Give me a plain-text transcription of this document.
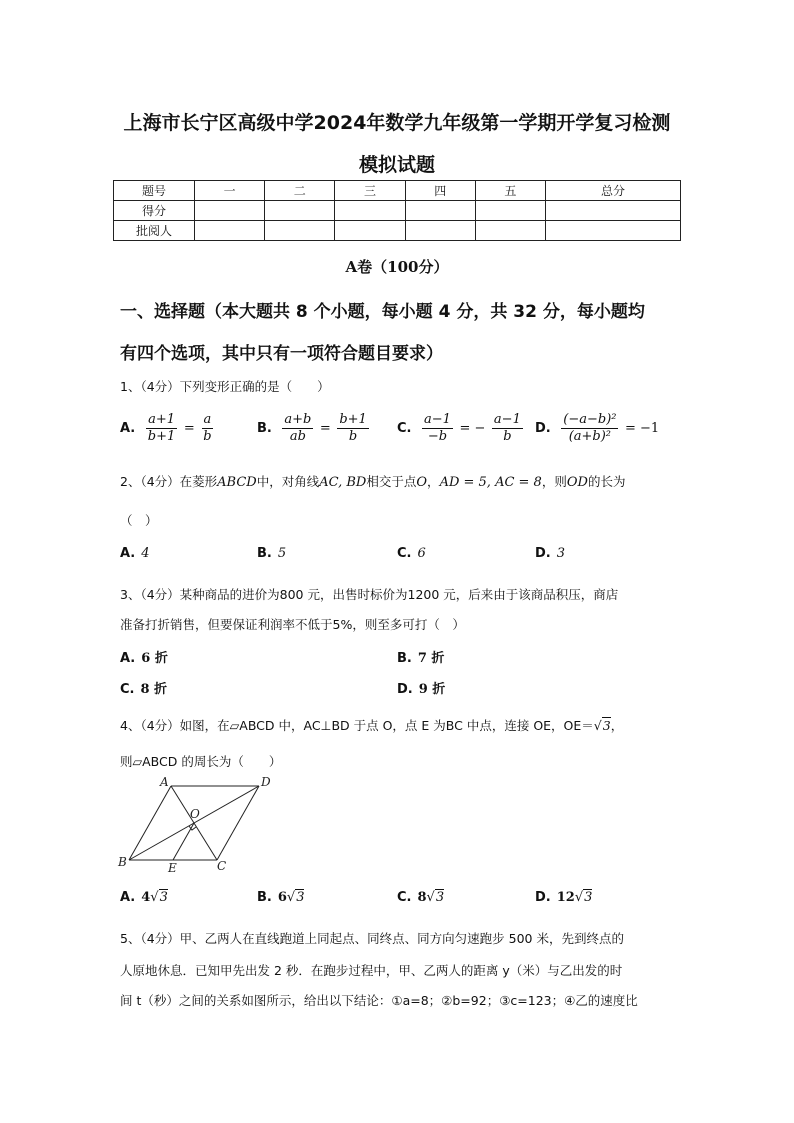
上海市长宁区高级中学2024年数学九年级第一学期开学复习检测
模拟试题
题号	一	二	三	四	五	总分
得分						
批阅人						
A卷（100分）
一、选择题（本大题共 8 个小题，每小题 4 分，共 32 分，每小题均
有四个选项，其中只有一项符合题目要求）
1、（4分）下列变形正确的是（　　）
A. $\frac{a+1}{b+1} = \frac{a}{b}$	B. $\frac{a+b}{ab} = \frac{b+1}{b} C$. $\frac{a-1}{-b}$ = − $\frac{a-1}{b} D$. $\frac{\text{(−a−b)²}}{\text{(a+b)²}} = -1$
2、（4分）在菱形ABCD中，对角线AC, BD相交于点O，AD = 5, AC = 8，则OD的长为
（　）
A. 4	B. 5	C. 6	D. 3
3、（4分）某种商品的进价为800 元，出售时标价为1200 元，后来由于该商品积压，商店
准备打折销售，但要保证利润率不低于5%，则至多可打（　）
A. 6 折	B. 7 折
C. 8 折	D. 9 折
4、（4分）如图，在▱ABCD 中，AC⊥BD 于点 O，点 E 为BC 中点，连接 OE，OE＝√3，
则▱ABCD 的周长为（　　）
A	D
O
B	E	C
A. 4√3	B. 6√3	C. 8√3	D. 12√3
5、（4分）甲、乙两人在直线跑道上同起点、同终点、同方向匀速跑步 500 米，先到终点的
人原地休息．已知甲先出发 2 秒．在跑步过程中，甲、乙两人的距离 y（米）与乙出发的时
间 t（秒）之间的关系如图所示，给出以下结论：①a=8；②b=92；③c=123；④乙的速度比
